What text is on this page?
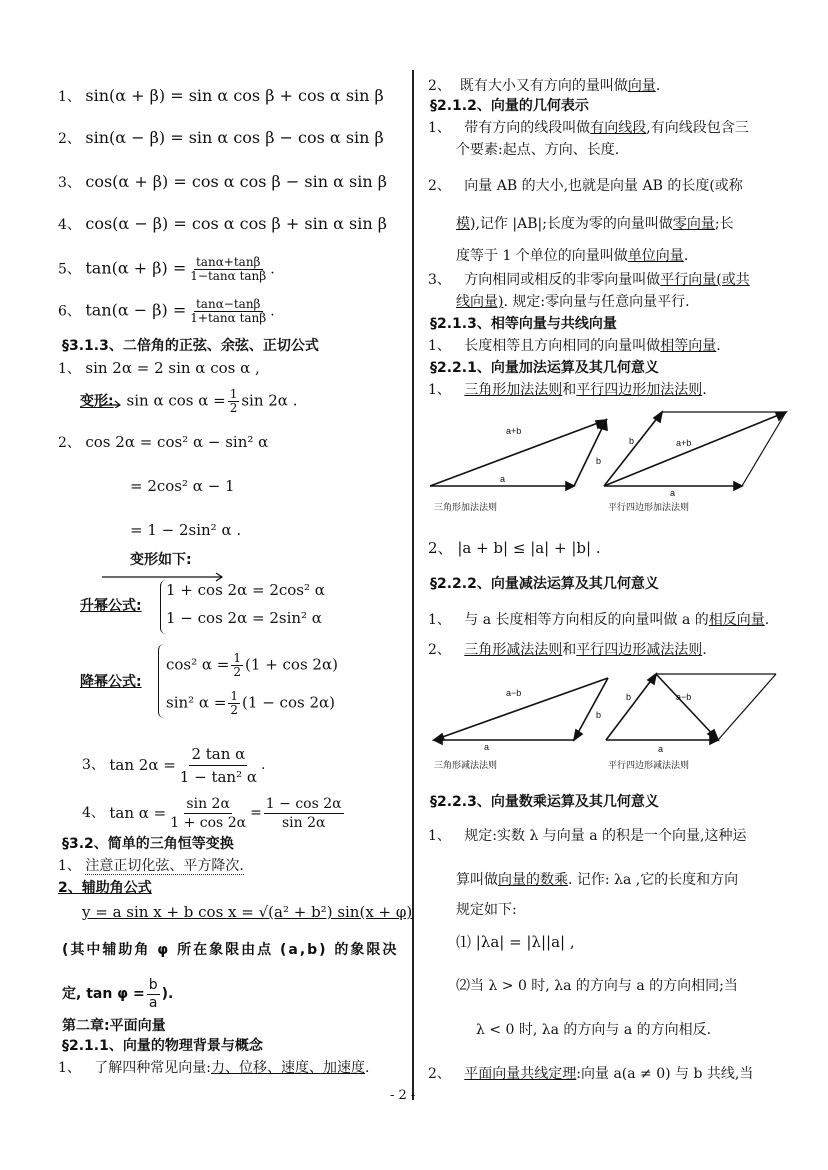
1、 sin(α + β) = sin α cos β + cos α sin β
2、 sin(α − β) = sin α cos β − cos α sin β
3、 cos(α + β) = cos α cos β − sin α sin β
4、 cos(α − β) = cos α cos β + sin α sin β
5、 $\tan(\alpha + \beta) = \frac{\tan\alpha+\tan\beta}{\text{1−tanα tanβ}}$ .
6、 $\tan(\alpha - \beta) = \frac{\tan\alpha-\tan\beta}{\text{1+tanα tanβ}}$ .
§3.1.3、二倍角的正弦、余弦、正切公式
1、 sin 2α = 2 sin α cos α ,
变形: sin α $\cos \alpha = \frac{1}{2}$ sin 2α .
2、 cos 2α = cos² α − sin² α
= 2cos² α − 1
= 1 − 2sin² α .
变形如下:
升幂公式:
1 + cos 2α = 2cos² α
1 − cos 2α = 2sin² α
降幂公式:
cos² $\alpha = \frac{1}{2} (1 + \cos 2\alpha)$
sin² $\alpha = \frac{1}{2} (1 - \cos 2\alpha)$
3、
$\tan 2\alpha = \frac{\text{2 tan α}}{\text{1 − tan² α}}$ .
4、
$\tan \alpha = \frac{\sin 2\alpha}{1 + \cos 2\alpha} = \frac{1 - \cos 2\alpha}{\sin 2\alpha}$
§3.2、简单的三角恒等变换
1、 注意正切化弦、平方降次.
2、辅助角公式
y = a sin x + b cos x = √(a² + b²) sin(x + φ)
(其中辅助角 φ 所在象限由点 (a,b) 的象限决
定, $\tan \varphi = \frac{b}{a}$ ).
第二章:平面向量
§2.1.1、向量的物理背景与概念
1、 了解四种常见向量:力、位移、速度、加速度.
2、 既有大小又有方向的量叫做向量.
§2.1.2、向量的几何表示
1、 带有方向的线段叫做有向线段,有向线段包含三
个要素:起点、方向、长度.
2、 向量 AB 的大小,也就是向量 AB 的长度(或称
模),记作 |AB|;长度为零的向量叫做零向量;长
度等于 1 个单位的向量叫做单位向量.
3、 方向相同或相反的非零向量叫做平行向量(或共
线向量). 规定:零向量与任意向量平行.
§2.1.3、相等向量与共线向量
1、 长度相等且方向相同的向量叫做相等向量.
§2.2.1、向量加法运算及其几何意义
1、 三角形加法法则和平行四边形加法法则.
a+b
b
a
a+b
b
a
三角形加法法则	平行四边形加法法则
2、 |a + b| ≤ |a| + |b| .
§2.2.2、向量减法运算及其几何意义
1、 与 a 长度相等方向相反的向量叫做 a 的相反向量.
2、 三角形减法法则和平行四边形减法法则.
a−b
b
a
a−b
b
a
三角形减法法则	平行四边形减法法则
§2.2.3、向量数乘运算及其几何意义
1、 规定:实数 λ 与向量 a 的积是一个向量,这种运
算叫做向量的数乘. 记作: λa ,它的长度和方向
规定如下:
⑴ |λa| = |λ||a| ,
⑵当 λ > 0 时, λa 的方向与 a 的方向相同;当
λ < 0 时, λa 的方向与 a 的方向相反.
2、 平面向量共线定理:向量 a(a ≠ 0) 与 b 共线,当
- 2 -
